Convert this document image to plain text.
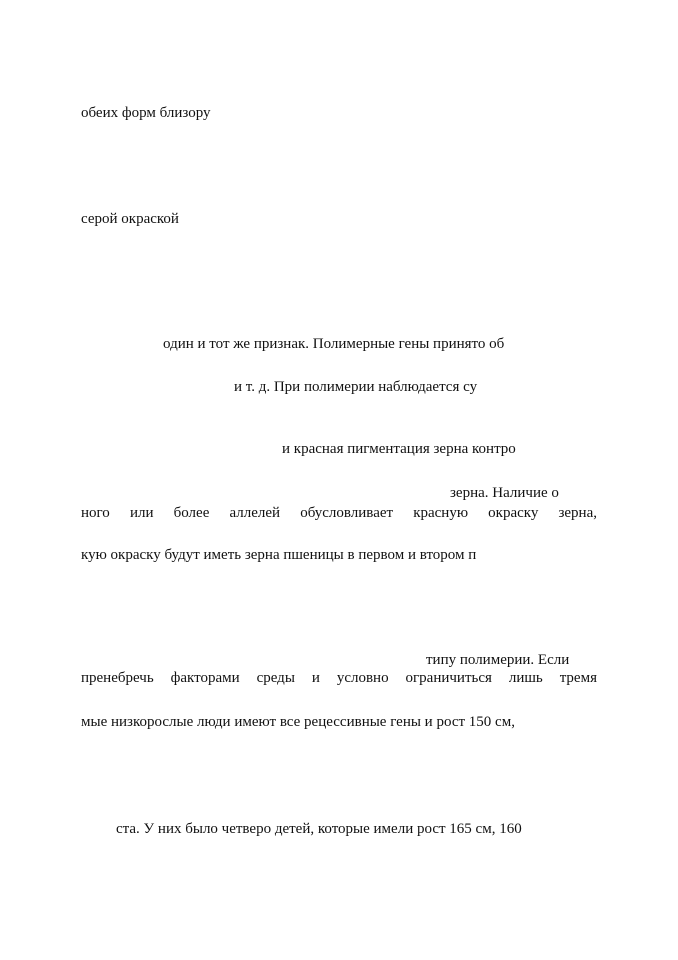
обеих форм близору
серой окраской
один и тот же признак. Полимерные гены принято об
и т. д. При полимерии наблюдается су
и красная пигментация зерна контро
зерна. Наличие о
ного или более аллелей обусловливает красную окраску зерна,
кую окраску будут иметь зерна пшеницы в первом и втором п
типу полимерии. Если
пренебречь факторами среды и условно ограничиться лишь тремя
мые низкорослые люди имеют все рецессивные гены и рост 150 см,
ста. У них было четверо детей, которые имели рост 165 см, 160
